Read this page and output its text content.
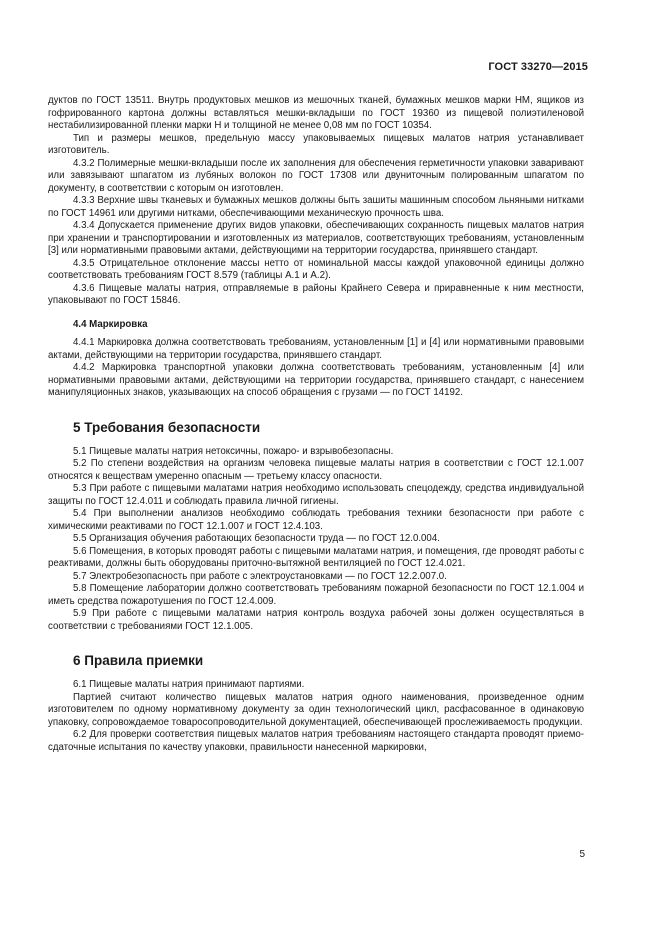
ГОСТ 33270—2015

дуктов по ГОСТ 13511. Внутрь продуктовых мешков из мешочных тканей, бумажных мешков марки НМ, ящиков из гофрированного картона должны вставляться мешки-вкладыши по ГОСТ 19360 из пищевой полиэтиленовой нестабилизированной пленки марки Н и толщиной не менее 0,08 мм по ГОСТ 10354.

Тип и размеры мешков, предельную массу упаковываемых пищевых малатов натрия устанавливает изготовитель.

4.3.2 Полимерные мешки-вкладыши после их заполнения для обеспечения герметичности упаковки заваривают или завязывают шпагатом из лубяных волокон по ГОСТ 17308 или двуниточным полированным шпагатом по документу, в соответствии с которым он изготовлен.

4.3.3 Верхние швы тканевых и бумажных мешков должны быть зашиты машинным способом льняными нитками по ГОСТ 14961 или другими нитками, обеспечивающими механическую прочность шва.

4.3.4 Допускается применение других видов упаковки, обеспечивающих сохранность пищевых малатов натрия при хранении и транспортировании и изготовленных из материалов, соответствующих требованиям, установленным [3] или нормативными правовыми актами, действующими на территории государства, принявшего стандарт.

4.3.5 Отрицательное отклонение массы нетто от номинальной массы каждой упаковочной единицы должно соответствовать требованиям ГОСТ 8.579 (таблицы А.1 и А.2).

4.3.6 Пищевые малаты натрия, отправляемые в районы Крайнего Севера и приравненные к ним местности, упаковывают по ГОСТ 15846.

4.4 Маркировка

4.4.1 Маркировка должна соответствовать требованиям, установленным [1] и [4] или нормативными правовыми актами, действующими на территории государства, принявшего стандарт.

4.4.2 Маркировка транспортной упаковки должна соответствовать требованиям, установленным [4] или нормативными правовыми актами, действующими на территории государства, принявшего стандарт, с нанесением манипуляционных знаков, указывающих на способ обращения с грузами — по ГОСТ 14192.

5 Требования безопасности

5.1 Пищевые малаты натрия нетоксичны, пожаро- и взрывобезопасны.

5.2 По степени воздействия на организм человека пищевые малаты натрия в соответствии с ГОСТ 12.1.007 относятся к веществам умеренно опасным — третьему классу опасности.

5.3 При работе с пищевыми малатами натрия необходимо использовать спецодежду, средства индивидуальной защиты по ГОСТ 12.4.011 и соблюдать правила личной гигиены.

5.4 При выполнении анализов необходимо соблюдать требования техники безопасности при работе с химическими реактивами по ГОСТ 12.1.007 и ГОСТ 12.4.103.

5.5 Организация обучения работающих безопасности труда — по ГОСТ 12.0.004.

5.6 Помещения, в которых проводят работы с пищевыми малатами натрия, и помещения, где проводят работы с реактивами, должны быть оборудованы приточно-вытяжной вентиляцией по ГОСТ 12.4.021.

5.7 Электробезопасность при работе с электроустановками — по ГОСТ 12.2.007.0.

5.8 Помещение лаборатории должно соответствовать требованиям пожарной безопасности по ГОСТ 12.1.004 и иметь средства пожаротушения по ГОСТ 12.4.009.

5.9 При работе с пищевыми малатами натрия контроль воздуха рабочей зоны должен осуществляться в соответствии с требованиями ГОСТ 12.1.005.

6 Правила приемки

6.1 Пищевые малаты натрия принимают партиями.

Партией считают количество пищевых малатов натрия одного наименования, произведенное одним изготовителем по одному нормативному документу за один технологический цикл, расфасованное в одинаковую упаковку, сопровождаемое товаросопроводительной документацией, обеспечивающей прослеживаемость продукции.

6.2 Для проверки соответствия пищевых малатов натрия требованиям настоящего стандарта проводят приемо-сдаточные испытания по качеству упаковки, правильности нанесенной маркировки,

5
